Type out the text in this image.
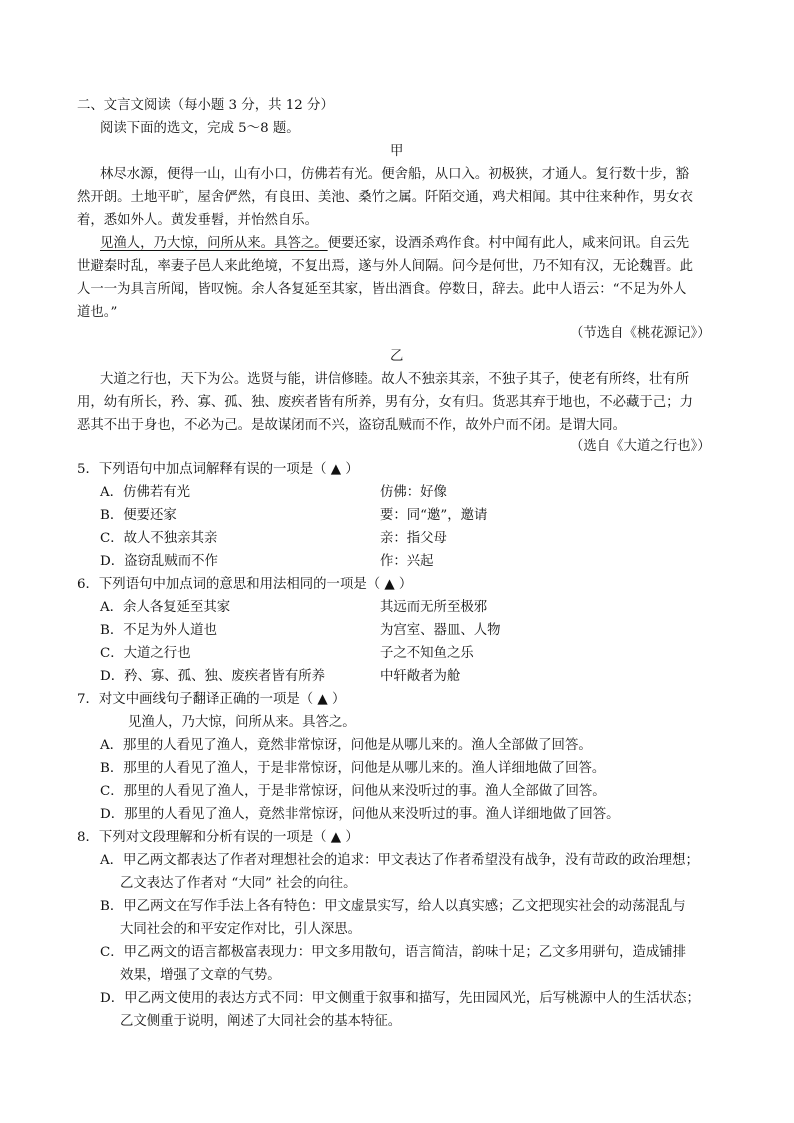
二、文言文阅读（每小题 3 分，共 12 分）
阅读下面的选文，完成 5～8 题。
甲
林尽水源，便得一山，山有小口，仿佛若有光。便舍船，从口入。初极狭，才通人。复行数十步，豁
然开朗。土地平旷，屋舍俨然，有良田、美池、桑竹之属。阡陌交通，鸡犬相闻。其中往来种作，男女衣
着，悉如外人。黄发垂髫，并怡然自乐。
见渔人，乃大惊，问所从来。具答之。便要还家，设酒杀鸡作食。村中闻有此人，咸来问讯。自云先
世避秦时乱，率妻子邑人来此绝境，不复出焉，遂与外人间隔。问今是何世，乃不知有汉，无论魏晋。此
人一一为具言所闻，皆叹惋。余人各复延至其家，皆出酒食。停数日，辞去。此中人语云：“不足为外人
道也。”
（节选自《桃花源记》）
乙
大道之行也，天下为公。选贤与能，讲信修睦。故人不独亲其亲，不独子其子，使老有所终，壮有所
用，幼有所长，矜、寡、孤、独、废疾者皆有所养，男有分，女有归。货恶其弃于地也，不必藏于己；力
恶其不出于身也，不必为己。是故谋闭而不兴，盗窃乱贼而不作，故外户而不闭。是谓大同。
（选自《大道之行也》）
5．下列语句中加点词解释有误的一项是（ ▲ ）
A．仿佛若有光	仿佛：好像
B．便要还家	要：同“邀”，邀请
C．故人不独亲其亲	亲：指父母
D．盗窃乱贼而不作	作：兴起
6．下列语句中加点词的意思和用法相同的一项是（ ▲ ）
A．余人各复延至其家	其远而无所至极邪
B．不足为外人道也	为宫室、器皿、人物
C．大道之行也	子之不知鱼之乐
D．矜、寡、孤、独、废疾者皆有所养	中轩敞者为舱
7．对文中画线句子翻译正确的一项是（ ▲ ）
见渔人，乃大惊，问所从来。具答之。
A．那里的人看见了渔人，竟然非常惊讶，问他是从哪儿来的。渔人全部做了回答。
B．那里的人看见了渔人，于是非常惊讶，问他是从哪儿来的。渔人详细地做了回答。
C．那里的人看见了渔人，于是非常惊讶，问他从来没听过的事。渔人全部做了回答。
D．那里的人看见了渔人，竟然非常惊讶，问他从来没听过的事。渔人详细地做了回答。
8．下列对文段理解和分析有误的一项是（ ▲ ）
A．甲乙两文都表达了作者对理想社会的追求：甲文表达了作者希望没有战争，没有苛政的政治理想；
乙文表达了作者对 “大同” 社会的向往。
B．甲乙两文在写作手法上各有特色：甲文虚景实写，给人以真实感；乙文把现实社会的动荡混乱与
大同社会的和平安定作对比，引人深思。
C．甲乙两文的语言都极富表现力：甲文多用散句，语言简洁，韵味十足；乙文多用骈句，造成铺排
效果，增强了文章的气势。
D．甲乙两文使用的表达方式不同：甲文侧重于叙事和描写，先田园风光，后写桃源中人的生活状态；
乙文侧重于说明，阐述了大同社会的基本特征。
